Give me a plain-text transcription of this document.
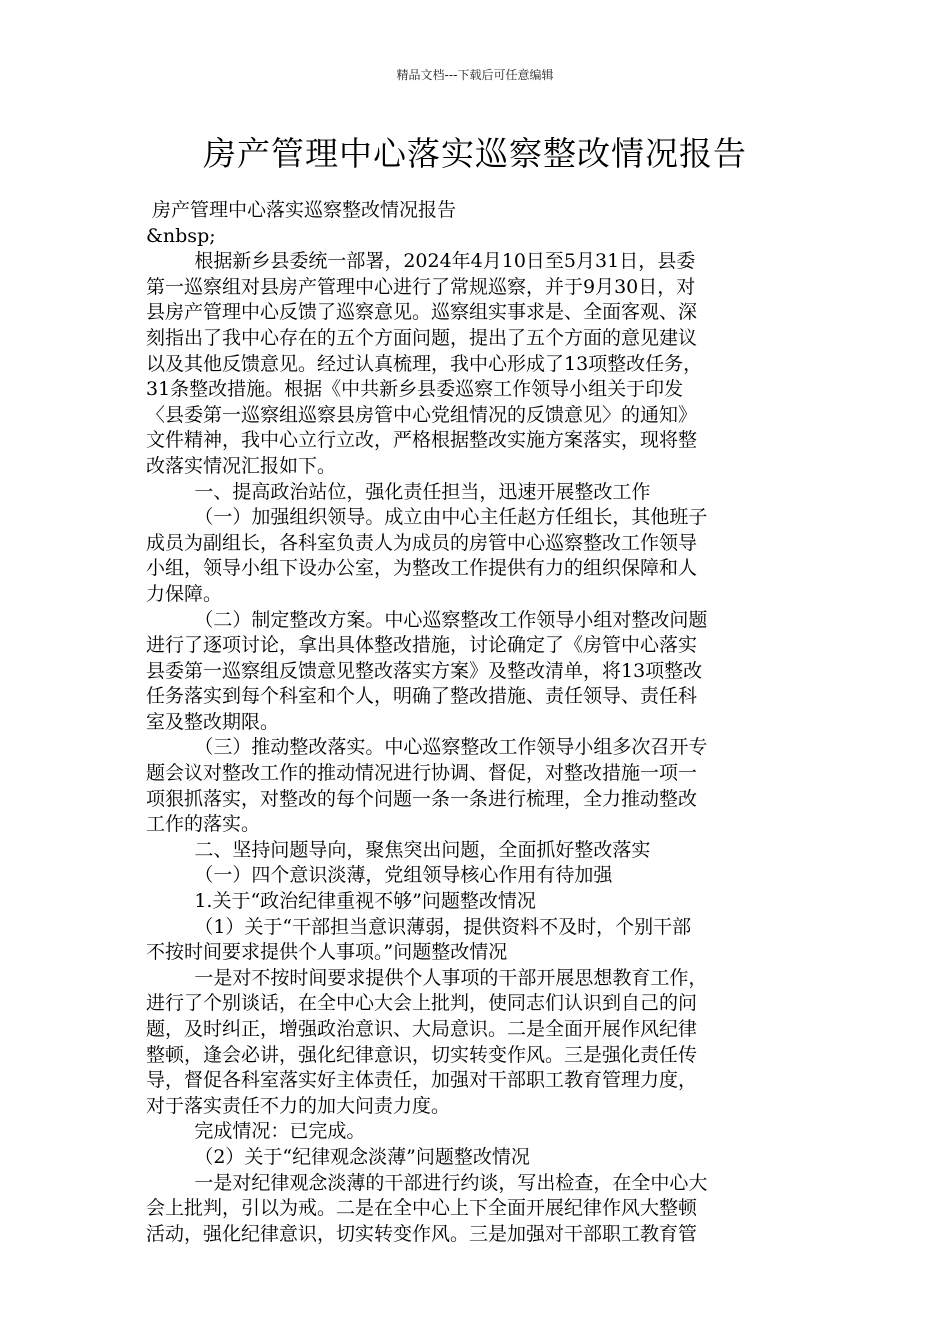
精品文档---下载后可任意编辑
房产管理中心落实巡察整改情况报告
房产管理中心落实巡察整改情况报告
&nbsp;
根据新乡县委统一部署，2024年4月10日至5月31日，县委
第一巡察组对县房产管理中心进行了常规巡察，并于9月30日，对
县房产管理中心反馈了巡察意见。巡察组实事求是、全面客观、深
刻指出了我中心存在的五个方面问题，提出了五个方面的意见建议
以及其他反馈意见。经过认真梳理，我中心形成了13项整改任务，
31条整改措施。根据《中共新乡县委巡察工作领导小组关于印发
〈县委第一巡察组巡察县房管中心党组情况的反馈意见〉的通知》
文件精神，我中心立行立改，严格根据整改实施方案落实，现将整
改落实情况汇报如下。
一、提高政治站位，强化责任担当，迅速开展整改工作
（一）加强组织领导。成立由中心主任赵方任组长，其他班子
成员为副组长，各科室负责人为成员的房管中心巡察整改工作领导
小组，领导小组下设办公室，为整改工作提供有力的组织保障和人
力保障。
（二）制定整改方案。中心巡察整改工作领导小组对整改问题
进行了逐项讨论，拿出具体整改措施，讨论确定了《房管中心落实
县委第一巡察组反馈意见整改落实方案》及整改清单，将13项整改
任务落实到每个科室和个人，明确了整改措施、责任领导、责任科
室及整改期限。
（三）推动整改落实。中心巡察整改工作领导小组多次召开专
题会议对整改工作的推动情况进行协调、督促，对整改措施一项一
项狠抓落实，对整改的每个问题一条一条进行梳理，全力推动整改
工作的落实。
二、坚持问题导向，聚焦突出问题，全面抓好整改落实
（一）四个意识淡薄，党组领导核心作用有待加强
1.关于“政治纪律重视不够”问题整改情况
（1）关于“干部担当意识薄弱，提供资料不及时，个别干部
不按时间要求提供个人事项。”问题整改情况
一是对不按时间要求提供个人事项的干部开展思想教育工作，
进行了个别谈话，在全中心大会上批判，使同志们认识到自己的问
题，及时纠正，增强政治意识、大局意识。二是全面开展作风纪律
整顿，逢会必讲，强化纪律意识，切实转变作风。三是强化责任传
导，督促各科室落实好主体责任，加强对干部职工教育管理力度，
对于落实责任不力的加大问责力度。
完成情况：已完成。
（2）关于“纪律观念淡薄”问题整改情况
一是对纪律观念淡薄的干部进行约谈，写出检查，在全中心大
会上批判，引以为戒。二是在全中心上下全面开展纪律作风大整顿
活动，强化纪律意识，切实转变作风。三是加强对干部职工教育管
